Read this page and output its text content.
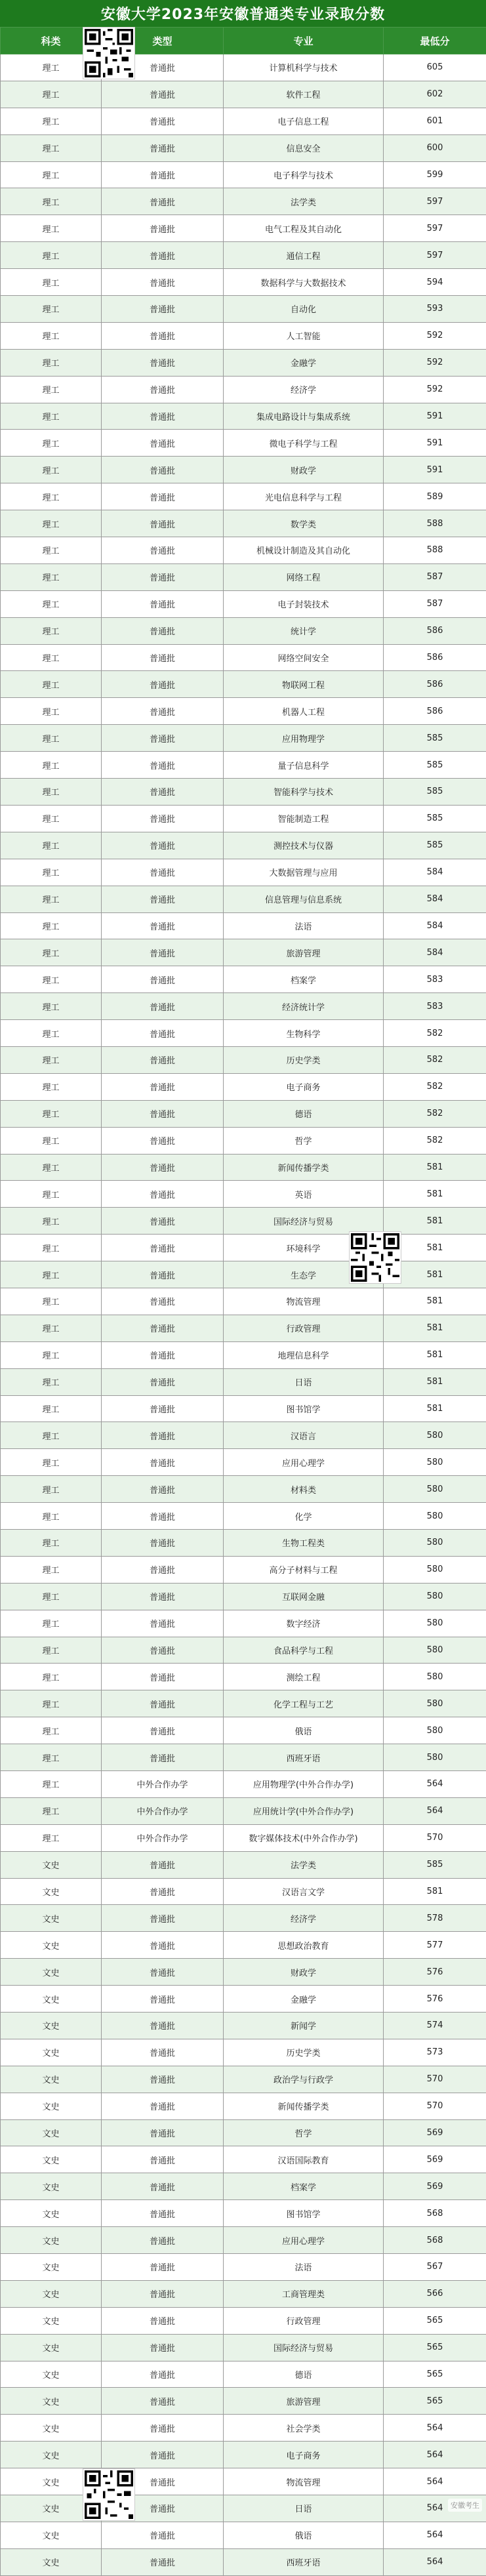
安徽大学2023年安徽普通类专业录取分数
科类	类型	专业	最低分
理工	普通批	计算机科学与技术	605
理工	普通批	软件工程	602
理工	普通批	电子信息工程	601
理工	普通批	信息安全	600
理工	普通批	电子科学与技术	599
理工	普通批	法学类	597
理工	普通批	电气工程及其自动化	597
理工	普通批	通信工程	597
理工	普通批	数据科学与大数据技术	594
理工	普通批	自动化	593
理工	普通批	人工智能	592
理工	普通批	金融学	592
理工	普通批	经济学	592
理工	普通批	集成电路设计与集成系统	591
理工	普通批	微电子科学与工程	591
理工	普通批	财政学	591
理工	普通批	光电信息科学与工程	589
理工	普通批	数学类	588
理工	普通批	机械设计制造及其自动化	588
理工	普通批	网络工程	587
理工	普通批	电子封装技术	587
理工	普通批	统计学	586
理工	普通批	网络空间安全	586
理工	普通批	物联网工程	586
理工	普通批	机器人工程	586
理工	普通批	应用物理学	585
理工	普通批	量子信息科学	585
理工	普通批	智能科学与技术	585
理工	普通批	智能制造工程	585
理工	普通批	测控技术与仪器	585
理工	普通批	大数据管理与应用	584
理工	普通批	信息管理与信息系统	584
理工	普通批	法语	584
理工	普通批	旅游管理	584
理工	普通批	档案学	583
理工	普通批	经济统计学	583
理工	普通批	生物科学	582
理工	普通批	历史学类	582
理工	普通批	电子商务	582
理工	普通批	德语	582
理工	普通批	哲学	582
理工	普通批	新闻传播学类	581
理工	普通批	英语	581
理工	普通批	国际经济与贸易	581
理工	普通批	环境科学	581
理工	普通批	生态学	581
理工	普通批	物流管理	581
理工	普通批	行政管理	581
理工	普通批	地理信息科学	581
理工	普通批	日语	581
理工	普通批	图书馆学	581
理工	普通批	汉语言	580
理工	普通批	应用心理学	580
理工	普通批	材料类	580
理工	普通批	化学	580
理工	普通批	生物工程类	580
理工	普通批	高分子材料与工程	580
理工	普通批	互联网金融	580
理工	普通批	数字经济	580
理工	普通批	食品科学与工程	580
理工	普通批	测绘工程	580
理工	普通批	化学工程与工艺	580
理工	普通批	俄语	580
理工	普通批	西班牙语	580
理工	中外合作办学	应用物理学(中外合作办学)	564
理工	中外合作办学	应用统计学(中外合作办学)	564
理工	中外合作办学	数字媒体技术(中外合作办学)	570
文史	普通批	法学类	585
文史	普通批	汉语言文学	581
文史	普通批	经济学	578
文史	普通批	思想政治教育	577
文史	普通批	财政学	576
文史	普通批	金融学	576
文史	普通批	新闻学	574
文史	普通批	历史学类	573
文史	普通批	政治学与行政学	570
文史	普通批	新闻传播学类	570
文史	普通批	哲学	569
文史	普通批	汉语国际教育	569
文史	普通批	档案学	569
文史	普通批	图书馆学	568
文史	普通批	应用心理学	568
文史	普通批	法语	567
文史	普通批	工商管理类	566
文史	普通批	行政管理	565
文史	普通批	国际经济与贸易	565
文史	普通批	德语	565
文史	普通批	旅游管理	565
文史	普通批	社会学类	564
文史	普通批	电子商务	564
文史	普通批	物流管理	564
文史	普通批	日语	564
文史	普通批	俄语	564
文史	普通批	西班牙语	564
安徽考生
